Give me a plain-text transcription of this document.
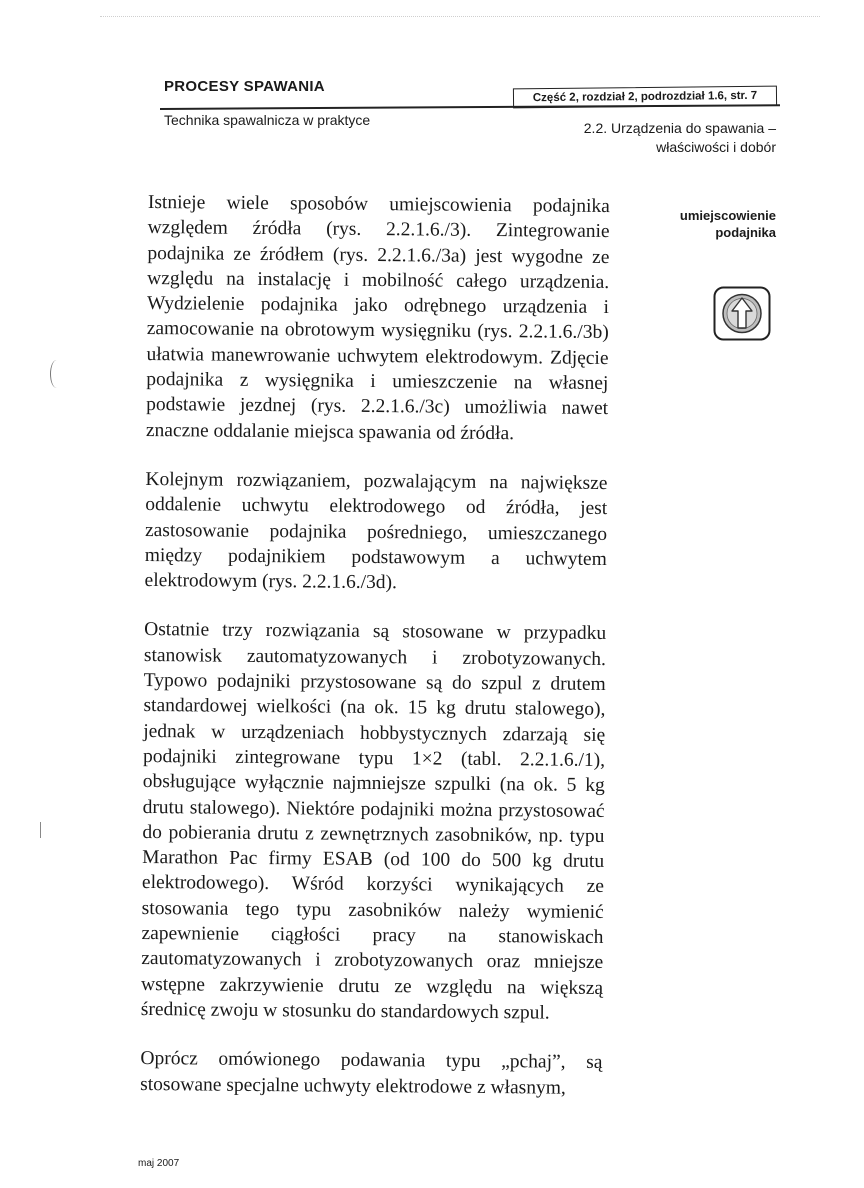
PROCESY SPAWANIA
Część 2, rozdział 2, podrozdział 1.6, str. 7
Technika spawalnicza w praktyce	2.2. Urządzenia do spawania –
właściwości i dobór

Istnieje wiele sposobów umiejscowienia podajnika względem źródła (rys. 2.2.1.6./3). Zintegrowanie podajnika ze źródłem (rys. 2.2.1.6./3a) jest wygodne ze względu na instalację i mobilność całego urządzenia. Wydzielenie podajnika jako odrębnego urządzenia i zamocowanie na obrotowym wysięgniku (rys. 2.2.1.6./3b) ułatwia manewrowanie uchwytem elektrodowym. Zdjęcie podajnika z wysięgnika i umieszczenie na własnej podstawie jezdnej (rys. 2.2.1.6./3c) umożliwia nawet znaczne oddalanie miejsca spawania od źródła.

Kolejnym rozwiązaniem, pozwalającym na największe oddalenie uchwytu elektrodowego od źródła, jest zastosowanie podajnika pośredniego, umieszczanego między podajnikiem podstawowym a uchwytem elektrodowym (rys. 2.2.1.6./3d).

Ostatnie trzy rozwiązania są stosowane w przypadku stanowisk zautomatyzowanych i zrobotyzowanych. Typowo podajniki przystosowane są do szpul z drutem standardowej wielkości (na ok. 15 kg drutu stalowego), jednak w urządzeniach hobbystycznych zdarzają się podajniki zintegrowane typu 1×2 (tabl. 2.2.1.6./1), obsługujące wyłącznie najmniejsze szpulki (na ok. 5 kg drutu stalowego). Niektóre podajniki można przystosować do pobierania drutu z zewnętrznych zasobników, np. typu Marathon Pac firmy ESAB (od 100 do 500 kg drutu elektrodowego). Wśród korzyści wynikających ze stosowania tego typu zasobników należy wymienić zapewnienie ciągłości pracy na stanowiskach zautomatyzowanych i zrobotyzowanych oraz mniejsze wstępne zakrzywienie drutu ze względu na większą średnicę zwoju w stosunku do standardowych szpul.

Oprócz omówionego podawania typu „pchaj”, są stosowane specjalne uchwyty elektrodowe z własnym,

umiejscowienie
podajnika
maj 2007
